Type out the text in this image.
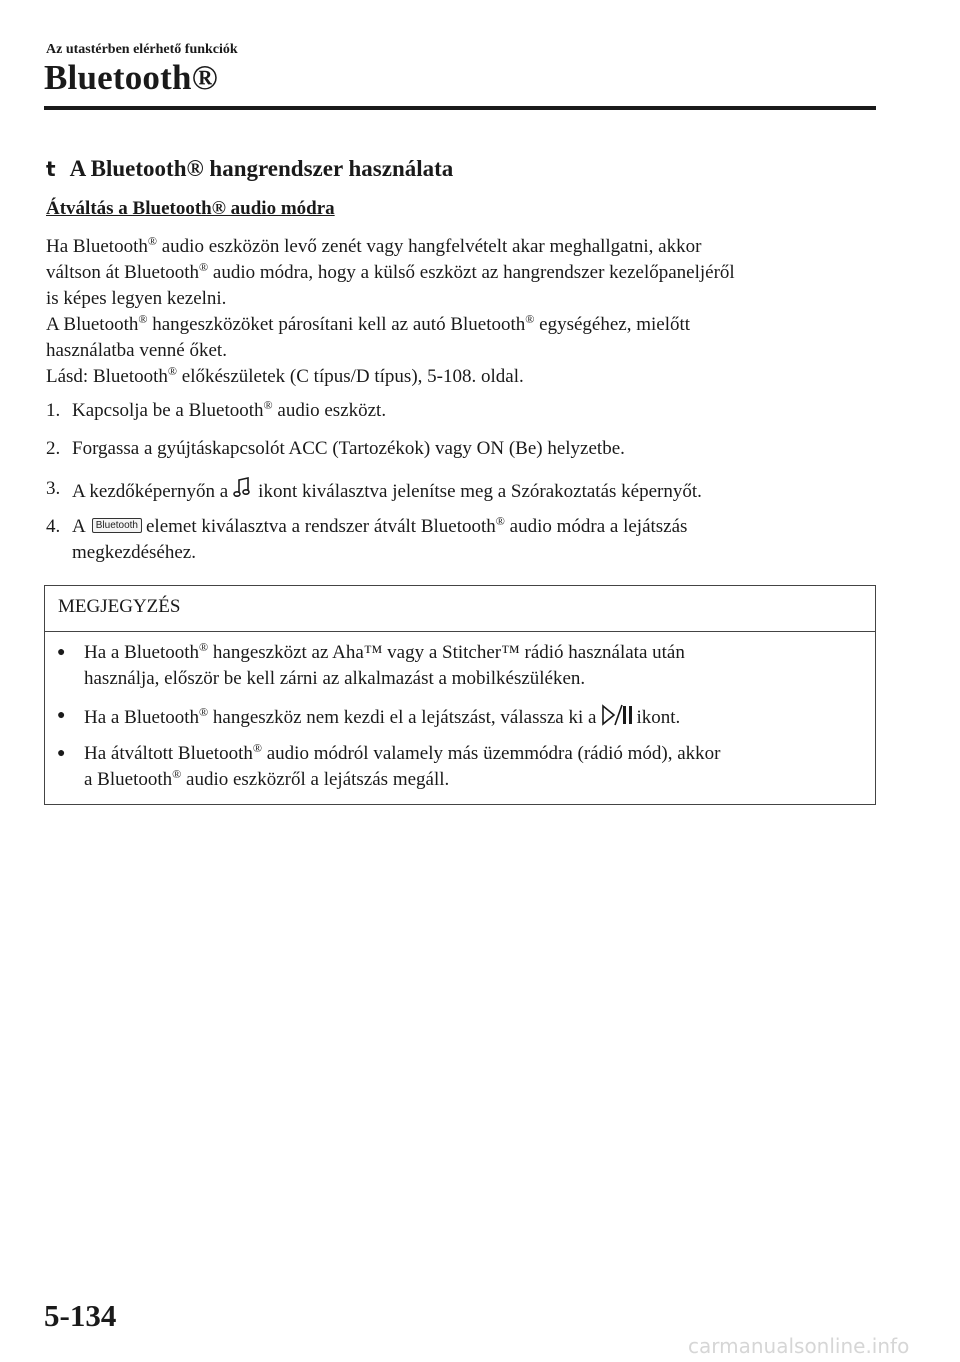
Az utastérben elérhető funkciók
Bluetooth®
t A Bluetooth® hangrendszer használata
Átváltás a Bluetooth® audio módra
Ha Bluetooth® audio eszközön levő zenét vagy hangfelvételt akar meghallgatni, akkor
váltson át Bluetooth® audio módra, hogy a külső eszközt az hangrendszer kezelőpaneljéről
is képes legyen kezelni.
A Bluetooth® hangeszközöket párosítani kell az autó Bluetooth® egységéhez, mielőtt
használatba venné őket.
Lásd: Bluetooth® előkészületek (C típus/D típus), 5-108. oldal.
1. Kapcsolja be a Bluetooth® audio eszközt.
2. Forgassa a gyújtáskapcsolót ACC (Tartozékok) vagy ON (Be) helyzetbe.
3. A kezdőképernyőn a ikont kiválasztva jelenítse meg a Szórakoztatás képernyőt.
4. A Bluetooth elemet kiválasztva a rendszer átvált Bluetooth® audio módra a lejátszás
megkezdéséhez.
MEGJEGYZÉS
● Ha a Bluetooth® hangeszközt az Aha™ vagy a Stitcher™ rádió használata után
használja, először be kell zárni az alkalmazást a mobilkészüléken.
● Ha a Bluetooth® hangeszköz nem kezdi el a lejátszást, válassza ki a ikont.
● Ha átváltott Bluetooth® audio módról valamely más üzemmódra (rádió mód), akkor
a Bluetooth® audio eszközről a lejátszás megáll.
5-134
carmanualsonline.info
